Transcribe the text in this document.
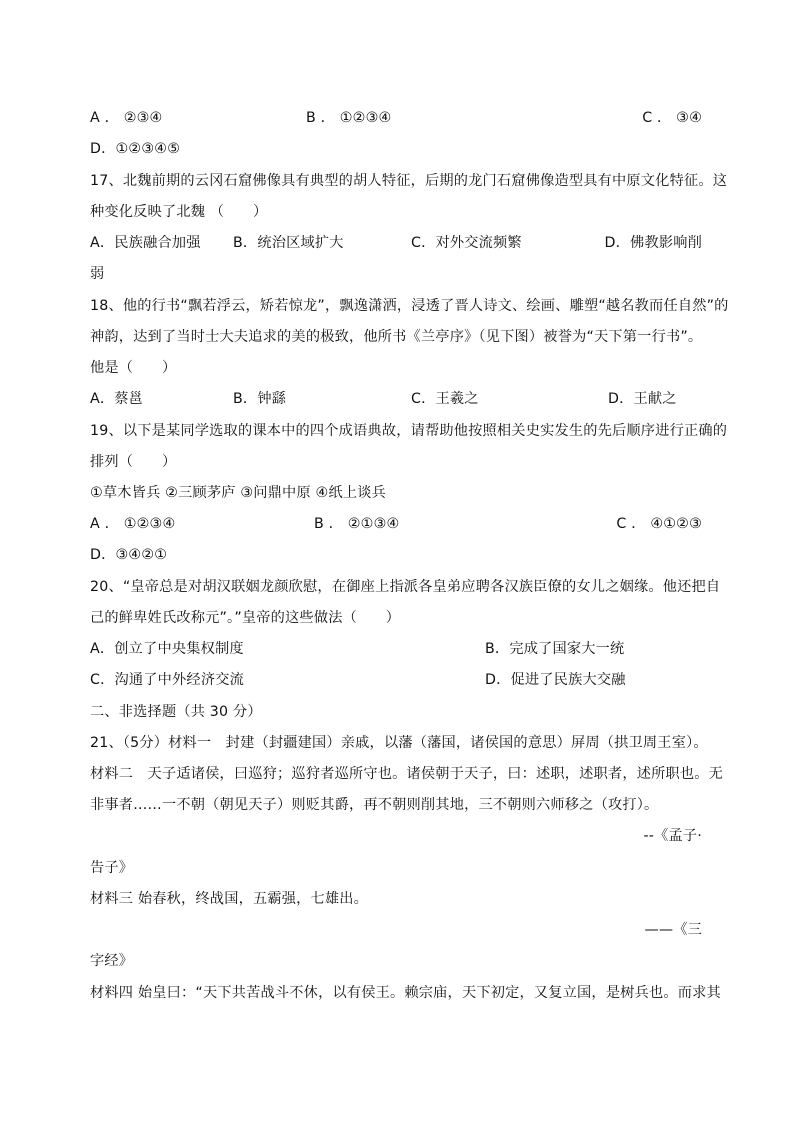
A ． ②③④	B ． ①②③④	C ． ③④
D．①②③④⑤
17、北魏前期的云冈石窟佛像具有典型的胡人特征，后期的龙门石窟佛像造型具有中原文化特征。这
种变化反映了北魏 （　　）
A．民族融合加强 B．统治区域扩大	C．对外交流频繁	D．佛教影响削
弱
18、他的行书“飘若浮云，矫若惊龙”，飘逸潇洒，浸透了晋人诗文、绘画、雕塑“越名教而任自然”的
神韵，达到了当时士大夫追求的美的极致，他所书《兰亭序》（见下图）被誉为“天下第一行书”。
他是（　　）
A．蔡邕	B．钟繇	C．王羲之	D．王献之
19、以下是某同学选取的课本中的四个成语典故，请帮助他按照相关史实发生的先后顺序进行正确的
排列（　　）
①草木皆兵 ②三顾茅庐 ③问鼎中原 ④纸上谈兵
A ． ①②③④	B ． ②①③④	C ． ④①②③
D．③④②①
20、“皇帝总是对胡汉联姻龙颜欣慰，在御座上指派各皇弟应聘各汉族臣僚的女儿之姻缘。他还把自
己的鲜卑姓氏改称元”。”皇帝的这些做法（　　）
A．创立了中央集权制度	B．完成了国家大一统
C．沟通了中外经济交流	D．促进了民族大交融
二、非选择题（共 30 分）
21、（5分）材料一　封建（封疆建国）亲戚，以藩（藩国，诸侯国的意思）屏周（拱卫周王室）。
材料二　天子适诸侯，曰巡狩；巡狩者巡所守也。诸侯朝于天子，曰：述职，述职者，述所职也。无
非事者……一不朝（朝见天子）则贬其爵，再不朝则削其地，三不朝则六师移之（攻打）。
--《孟子·
告子》
材料三 始春秋，终战国，五霸强，七雄出。
——《三
字经》
材料四 始皇曰：“天下共苦战斗不休，以有侯王。赖宗庙，天下初定，又复立国，是树兵也。而求其
